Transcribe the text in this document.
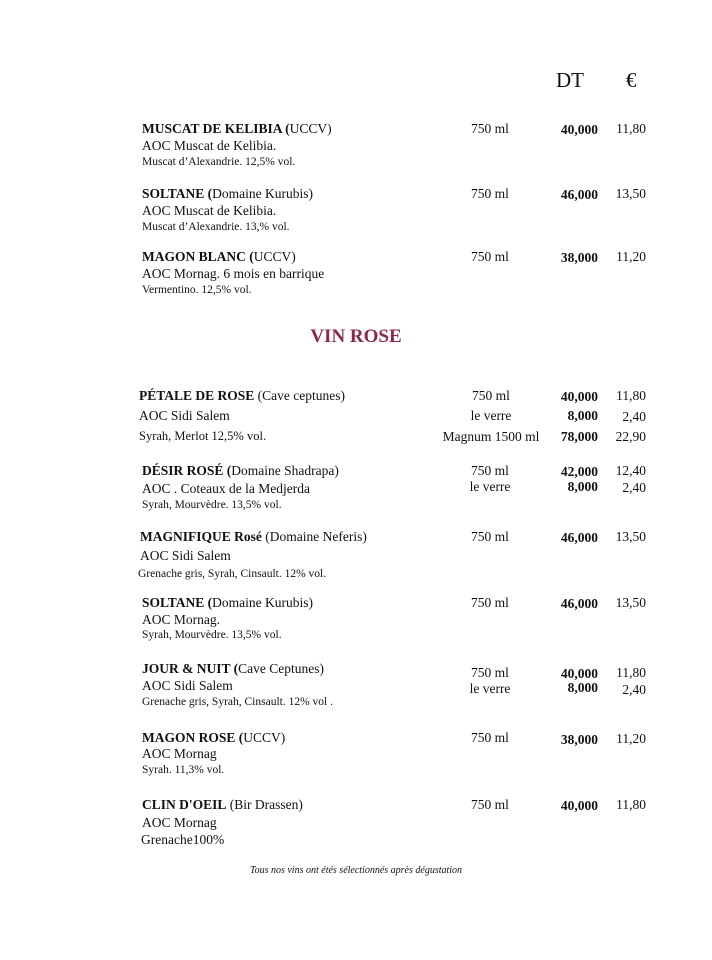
DT €
MUSCAT DE KELIBIA (UCCV)
AOC Muscat de Kelibia.
Muscat d’Alexandrie. 12,5% vol.
750 ml	40,000	11,80
SOLTANE (Domaine Kurubis)
AOC Muscat de Kelibia.
Muscat d’Alexandrie. 13,% vol.
750 ml	46,000	13,50
MAGON BLANC (UCCV)
AOC Mornag. 6 mois en barrique
Vermentino. 12,5% vol.
750 ml	38,000	11,20
VIN ROSE
PÉTALE DE ROSE (Cave ceptunes)
AOC Sidi Salem
Syrah, Merlot 12,5% vol.
750 ml	40,000	11,80
le verre	8,000	2,40
Magnum 1500 ml	78,000	22,90
DÉSIR ROSÉ (Domaine Shadrapa)
AOC . Coteaux de la Medjerda
Syrah, Mourvèdre. 13,5% vol.
750 ml	42,000	12,40
le verre	8,000	2,40
MAGNIFIQUE Rosé (Domaine Neferis)
AOC Sidi Salem
Grenache gris, Syrah, Cinsault. 12% vol.
750 ml	46,000	13,50
SOLTANE (Domaine Kurubis)
AOC Mornag.
Syrah, Mourvèdre. 13,5% vol.
750 ml	46,000	13,50
JOUR & NUIT (Cave Ceptunes)
AOC Sidi Salem
Grenache gris, Syrah, Cinsault. 12% vol .
750 ml	40,000	11,80
le verre	8,000	2,40
MAGON ROSE (UCCV)
AOC Mornag
Syrah. 11,3% vol.
750 ml	38,000	11,20
CLIN D'OEIL (Bir Drassen)
AOC Mornag
Grenache100%
750 ml	40,000	11,80
Tous nos vins ont étés sélectionnés après dégustation
